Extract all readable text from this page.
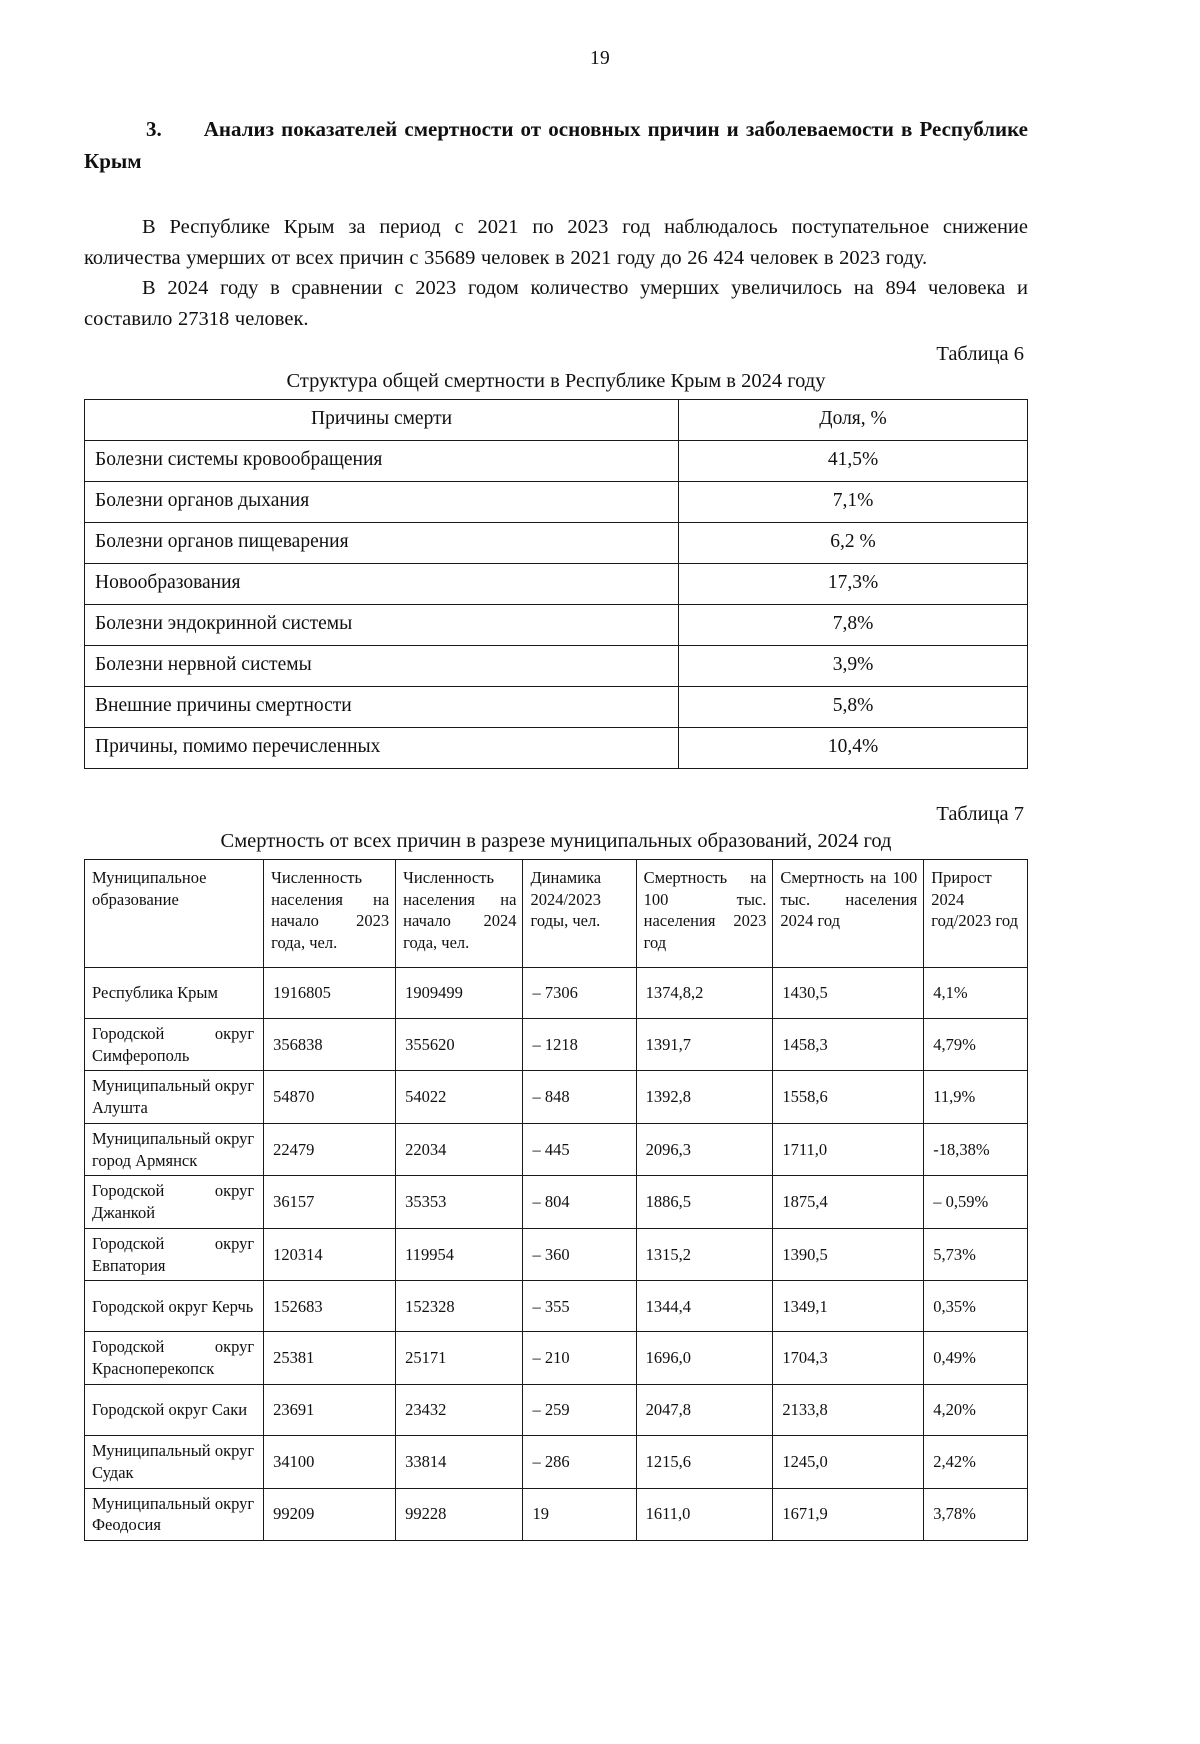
19
3. Анализ показателей смертности от основных причин и заболеваемости в Республике Крым

В Республике Крым за период с 2021 по 2023 год наблюдалось поступательное снижение количества умерших от всех причин с 35689 человек в 2021 году до 26 424 человек в 2023 году.

В 2024 году в сравнении с 2023 годом количество умерших увеличилось на 894 человека и составило 27318 человек.

Таблица 6
Структура общей смертности в Республике Крым в 2024 году
Причины смерти	Доля, %
Болезни системы кровообращения	41,5%
Болезни органов дыхания	7,1%
Болезни органов пищеварения	6,2 %
Новообразования	17,3%
Болезни эндокринной системы	7,8%
Болезни нервной системы	3,9%
Внешние причины смертности	5,8%
Причины, помимо перечисленных	10,4%
Таблица 7
Смертность от всех причин в разрезе муниципальных образований, 2024 год
Муниципальное образование	Численность населения на начало 2023 года, чел.	Численность населения на начало 2024 года, чел.	Динамика 2024/2023 годы, чел.	Смертность на 100 тыс. населения 2023 год	Смертность на 100 тыс. населения 2024 год	Прирост 2024 год/2023 год
Республика Крым	1916805	1909499	– 7306	1374,8,2	1430,5	4,1%
Городской округ Симферополь	356838	355620	– 1218	1391,7	1458,3	4,79%
Муниципальный округ Алушта	54870	54022	– 848	1392,8	1558,6	11,9%
Муниципальный округ город Армянск	22479	22034	– 445	2096,3	1711,0	-18,38%
Городской округ Джанкой	36157	35353	– 804	1886,5	1875,4	– 0,59%
Городской округ Евпатория	120314	119954	– 360	1315,2	1390,5	5,73%
Городской округ Керчь	152683	152328	– 355	1344,4	1349,1	0,35%
Городской округ Красноперекопск	25381	25171	– 210	1696,0	1704,3	0,49%
Городской округ Саки	23691	23432	– 259	2047,8	2133,8	4,20%
Муниципальный округ Судак	34100	33814	– 286	1215,6	1245,0	2,42%
Муниципальный округ Феодосия	99209	99228	19	1611,0	1671,9	3,78%
